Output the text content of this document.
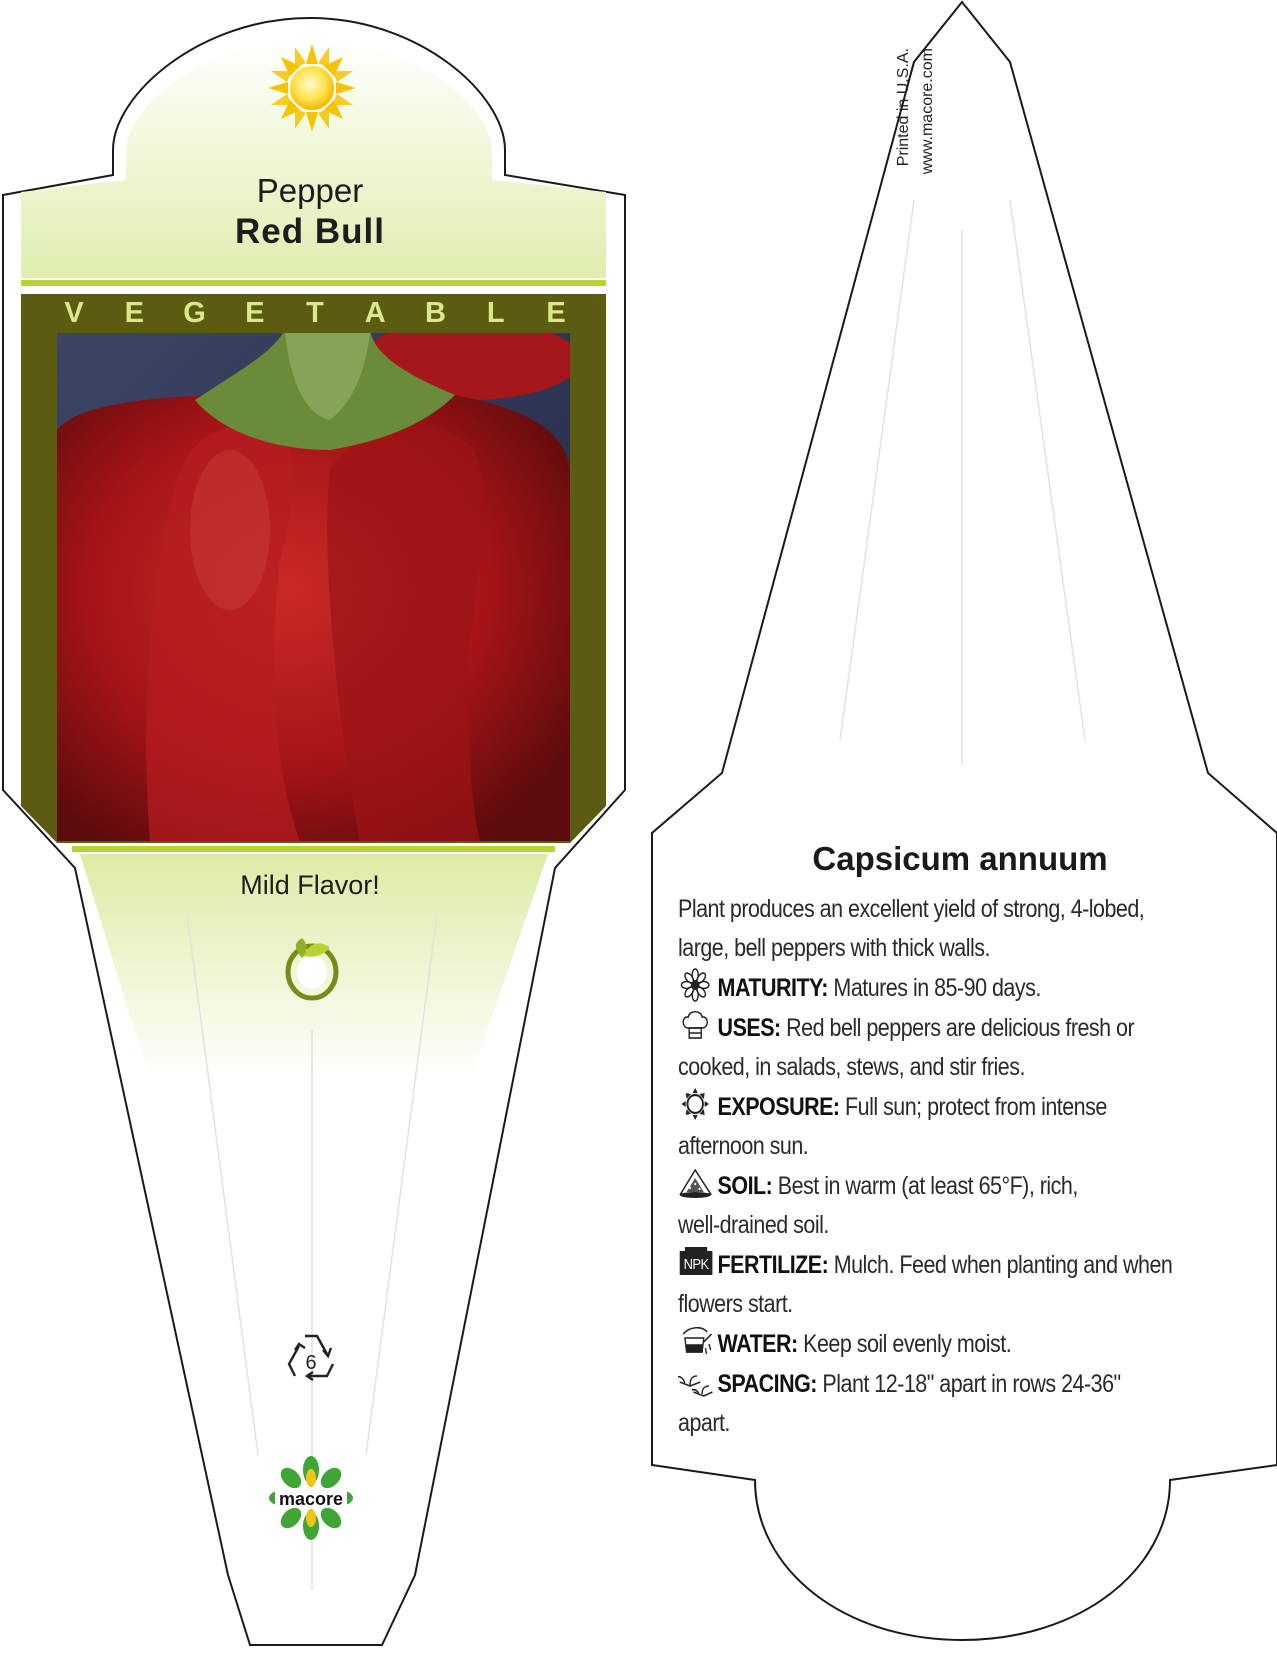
Pepper
Red Bull
V E G E T A B L E
Mild Flavor!
6
macore
Printed in U.S.A. www.macore.com
Capsicum annuum

Plant produces an excellent yield of strong, 4-lobed,

large, bell peppers with thick walls.

MATURITY: Matures in 85-90 days.

USES: Red bell peppers are delicious fresh or

cooked, in salads, stews, and stir fries.

EXPOSURE: Full sun; protect from intense

afternoon sun.

SOIL: Best in warm (at least 65°F), rich,

well-drained soil.

NPK FERTILIZE: Mulch. Feed when planting and when

flowers start.

WATER: Keep soil evenly moist.

SPACING: Plant 12-18" apart in rows 24-36"

apart.
